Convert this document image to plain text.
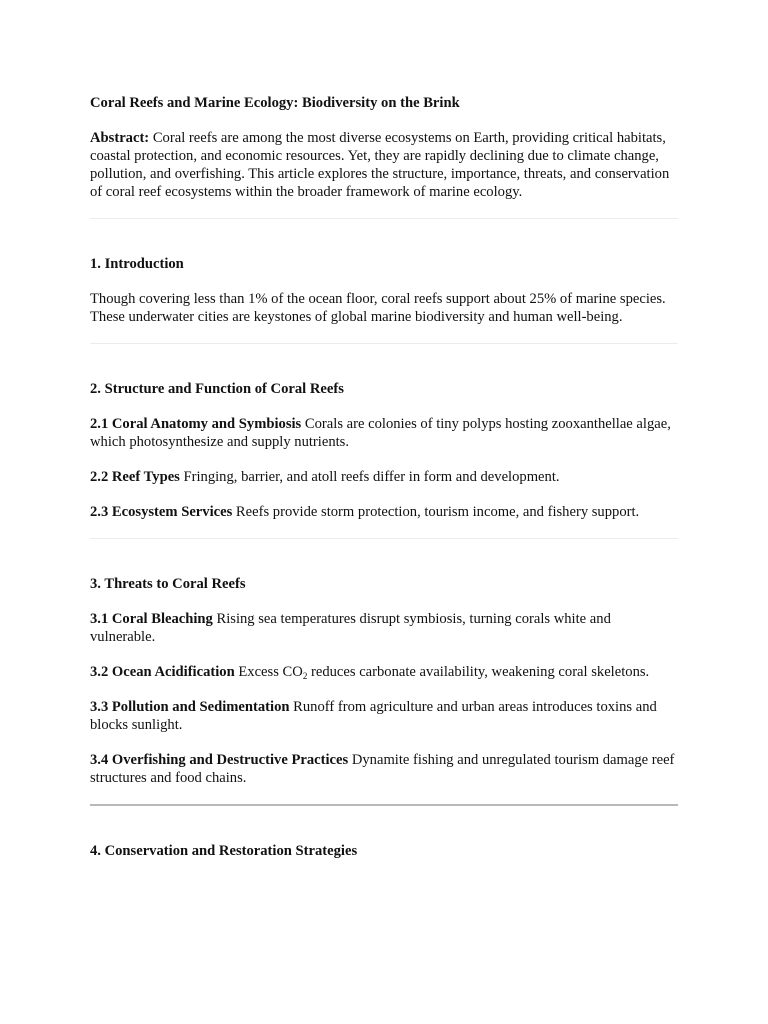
Coral Reefs and Marine Ecology: Biodiversity on the Brink

Abstract: Coral reefs are among the most diverse ecosystems on Earth, providing critical habitats, coastal protection, and economic resources. Yet, they are rapidly declining due to climate change, pollution, and overfishing. This article explores the structure, importance, threats, and conservation of coral reef ecosystems within the broader framework of marine ecology.

1. Introduction

Though covering less than 1% of the ocean floor, coral reefs support about 25% of marine species. These underwater cities are keystones of global marine biodiversity and human well-being.

2. Structure and Function of Coral Reefs

2.1 Coral Anatomy and Symbiosis Corals are colonies of tiny polyps hosting zooxanthellae algae, which photosynthesize and supply nutrients.

2.2 Reef Types Fringing, barrier, and atoll reefs differ in form and development.

2.3 Ecosystem Services Reefs provide storm protection, tourism income, and fishery support.

3. Threats to Coral Reefs

3.1 Coral Bleaching Rising sea temperatures disrupt symbiosis, turning corals white and vulnerable.

3.2 Ocean Acidification Excess $CO_2$ reduces carbonate availability, weakening coral skeletons.

3.3 Pollution and Sedimentation Runoff from agriculture and urban areas introduces toxins and blocks sunlight.

3.4 Overfishing and Destructive Practices Dynamite fishing and unregulated tourism damage reef structures and food chains.

4. Conservation and Restoration Strategies
